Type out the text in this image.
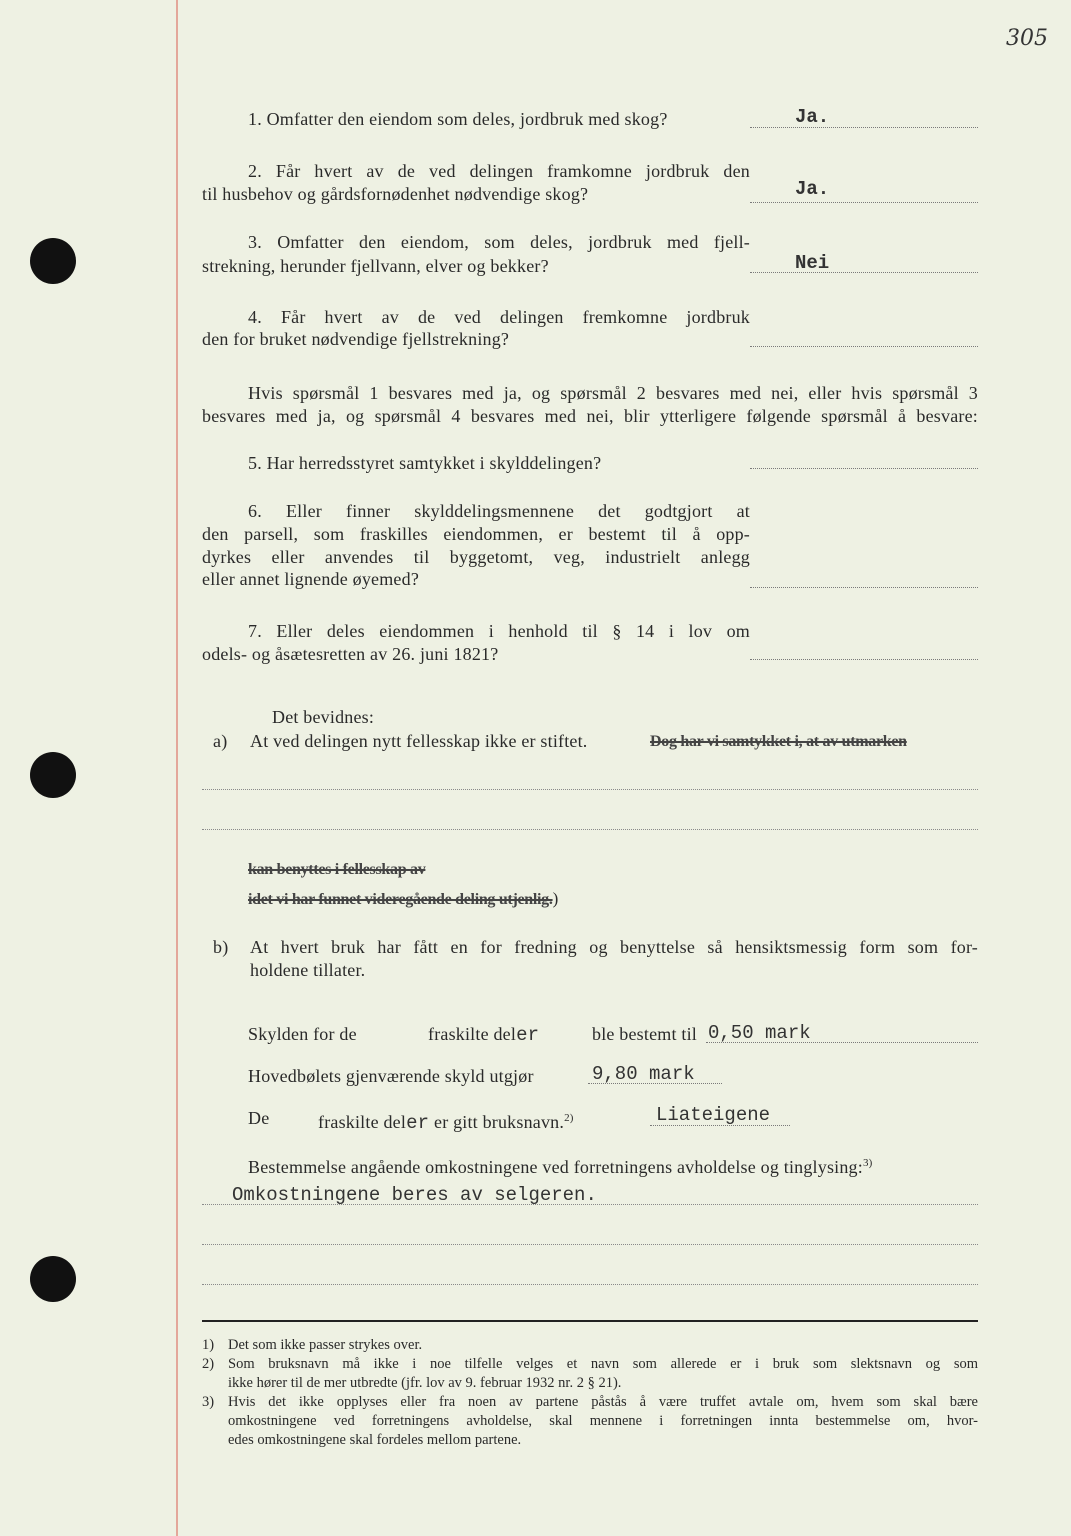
305
1. Omfatter den eiendom som deles, jordbruk med skog?	Ja.
2. Får hvert av de ved delingen framkomne jordbruk den
til husbehov og gårdsfornødenhet nødvendige skog?	Ja.
3. Omfatter den eiendom, som deles, jordbruk med fjell-
strekning, herunder fjellvann, elver og bekker?	Nei
4. Får hvert av de ved delingen fremkomne jordbruk
den for bruket nødvendige fjellstrekning?
Hvis spørsmål 1 besvares med ja, og spørsmål 2 besvares med nei, eller hvis spørsmål 3
besvares med ja, og spørsmål 4 besvares med nei, blir ytterligere følgende spørsmål å besvare:
5. Har herredsstyret samtykket i skylddelingen?
6. Eller finner skylddelingsmennene det godtgjort at
den parsell, som fraskilles eiendommen, er bestemt til å opp-
dyrkes eller anvendes til byggetomt, veg, industrielt anlegg
eller annet lignende øyemed?
7. Eller deles eiendommen i henhold til § 14 i lov om
odels- og åsætesretten av 26. juni 1821?
Det bevidnes:
a) At ved delingen nytt fellesskap ikke er stiftet.	Dog har vi samtykket i, at av utmarken
kan benyttes i fellesskap av
idet vi har funnet videregående deling utjenlig.)
b) At hvert bruk har fått en for fredning og benyttelse så hensiktsmessig form som for-
holdene tillater.
Skylden for de	fraskilte deler	ble bestemt til 0,50 mark
Hovedbølets gjenværende skyld utgjør	9,80 mark
De	fraskilte deler er gitt bruksnavn.$^{2)}$	Liateigene
Bestemmelse angående omkostningene ved forretningens avholdelse og tinglysing:$^{3)}$
Omkostningene beres av selgeren.
1) Det som ikke passer strykes over.
2) Som bruksnavn må ikke i noe tilfelle velges et navn som allerede er i bruk som slektsnavn og som
ikke hører til de mer utbredte (jfr. lov av 9. februar 1932 nr. 2 § 21).
3) Hvis det ikke opplyses eller fra noen av partene påstås å være truffet avtale om, hvem som skal bære
omkostningene ved forretningens avholdelse, skal mennene i forretningen innta bestemmelse om, hvor-
edes omkostningene skal fordeles mellom partene.
